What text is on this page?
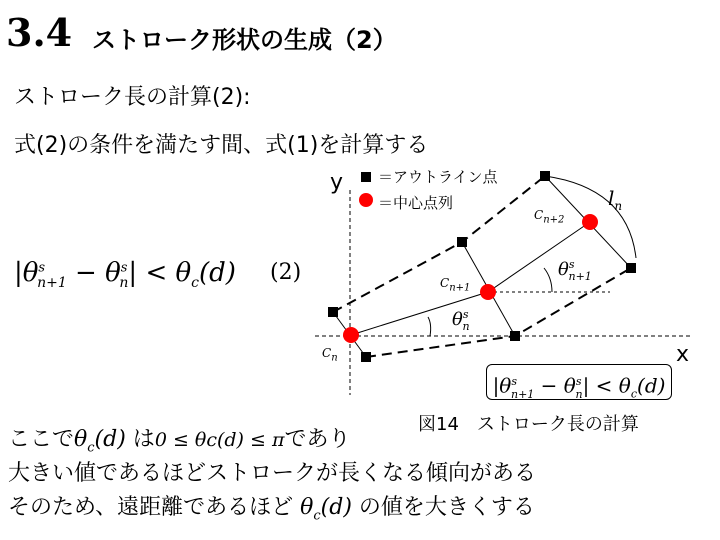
3.4 ストローク形状の生成（2）
ストローク長の計算(2):
式(2)の条件を満たす間、式(1)を計算する
$|\theta^s_{n+1} - \theta^s_n| < \theta_c(d)$ (2)
＝アウトライン点
＝中心点列
y
x
$C_n$
$C_{n+1}$
$C_{n+2}$
$l_n$
$\theta^s_n$
$\theta^s_{n+1}$
$|\theta^s_{n+1} - \theta^s_n| < \theta_c(d)$
図14　ストローク長の計算
ここで$\theta_c(d)$ は0 ≤ θc(d) ≤ πであり
大きい値であるほどストロークが長くなる傾向がある
そのため、遠距離であるほど $\theta_c(d)$ の値を大きくする
